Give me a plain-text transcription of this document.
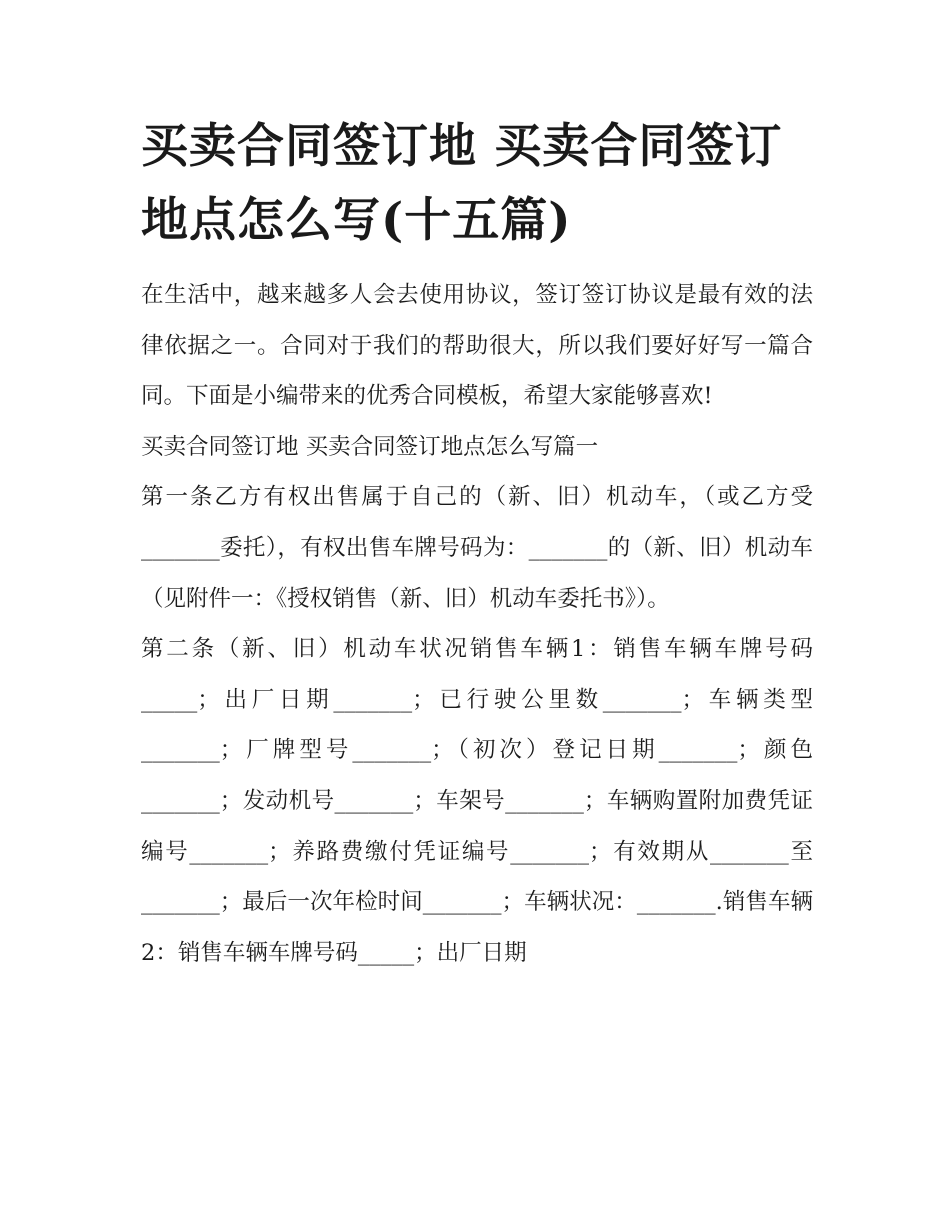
买卖合同签订地 买卖合同签订地点怎么写(十五篇)

在生活中，越来越多人会去使用协议，签订签订协议是最有效的法律依据之一。合同对于我们的帮助很大，所以我们要好好写一篇合同。下面是小编带来的优秀合同模板，希望大家能够喜欢!

买卖合同签订地 买卖合同签订地点怎么写篇一

第一条乙方有权出售属于自己的（新、旧）机动车，（或乙方受_______委托），有权出售车牌号码为：_______的（新、旧）机动车（见附件一：《授权销售（新、旧）机动车委托书》）。

第二条（新、旧）机动车状况销售车辆1：销售车辆车牌号码_____；出厂日期_______；已行驶公里数_______；车辆类型_______；厂牌型号_______；（初次）登记日期_______；颜色_______；发动机号_______；车架号_______；车辆购置附加费凭证编号_______；养路费缴付凭证编号_______；有效期从_______至_______；最后一次年检时间_______；车辆状况：_______.销售车辆2：销售车辆车牌号码_____；出厂日期
